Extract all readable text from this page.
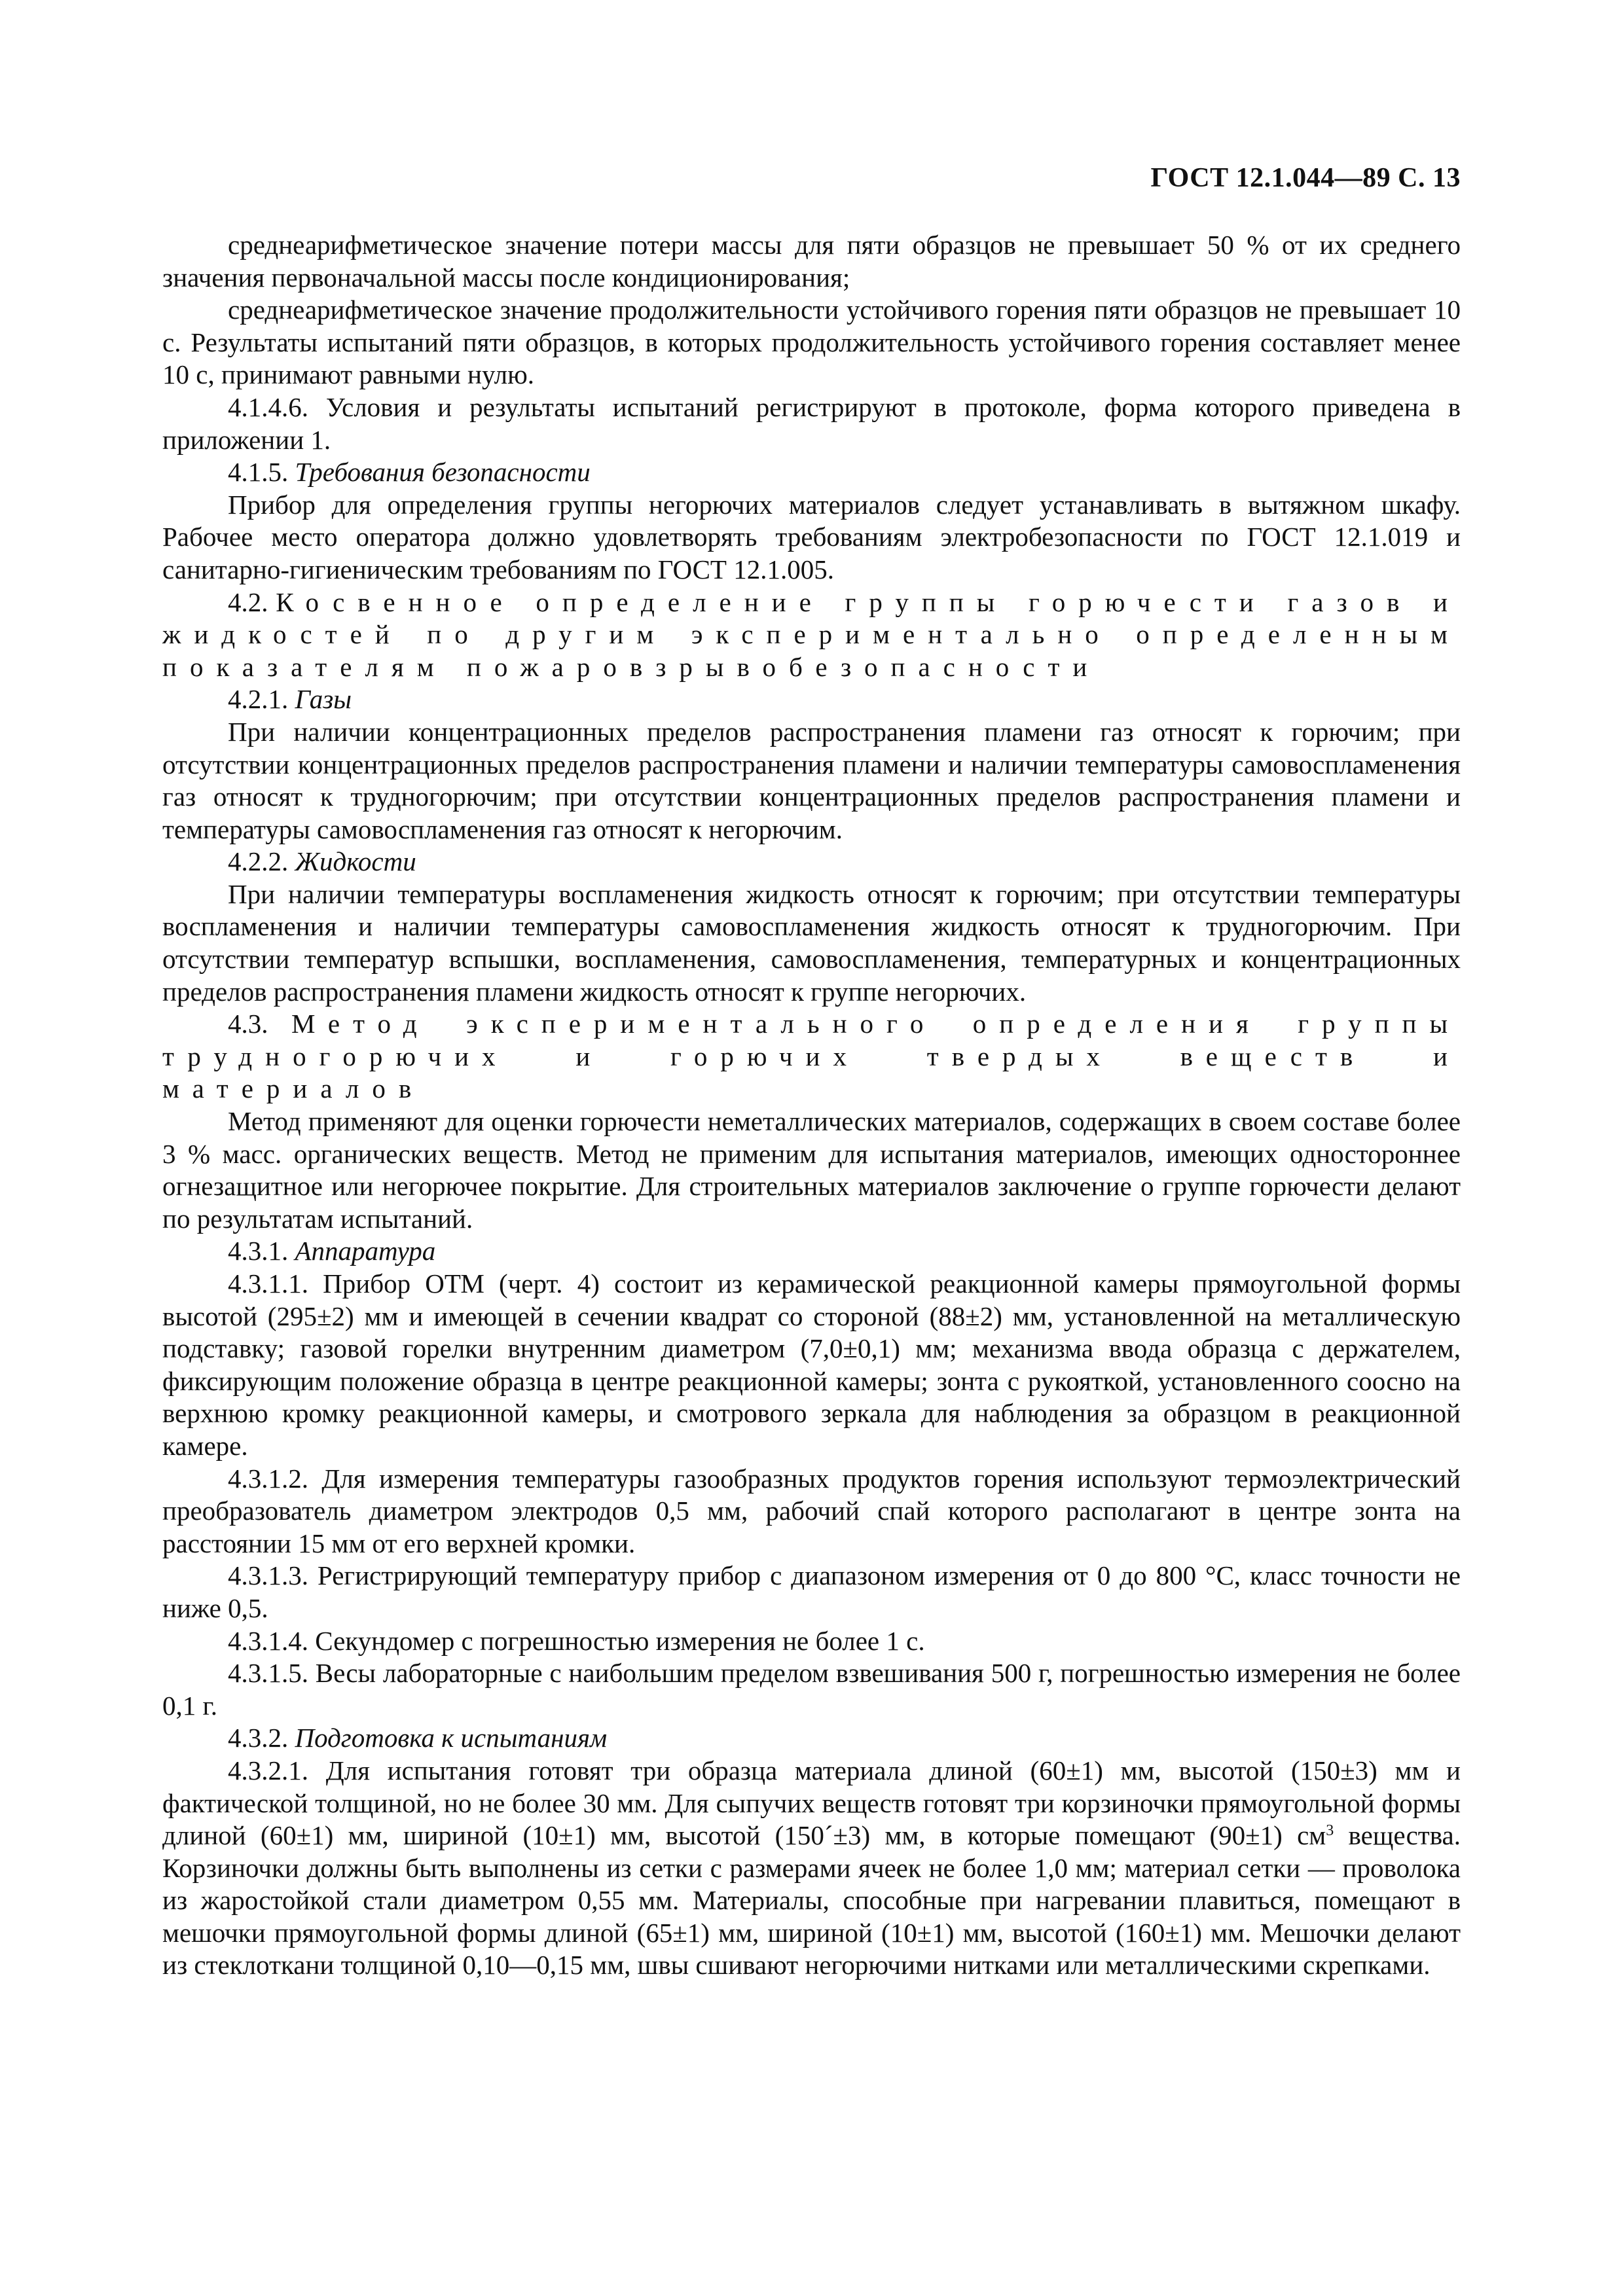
ГОСТ 12.1.044—89 С. 13

среднеарифметическое значение потери массы для пяти образцов не превышает 50 % от их среднего значения первоначальной массы после кондиционирования;

среднеарифметическое значение продолжительности устойчивого горения пяти образцов не превышает 10 с. Результаты испытаний пяти образцов, в которых продолжительность устойчивого горения составляет менее 10 с, принимают равными нулю.

4.1.4.6. Условия и результаты испытаний регистрируют в протоколе, форма которого приведена в приложении 1.

4.1.5. Требования безопасности

Прибор для определения группы негорючих материалов следует устанавливать в вытяжном шкафу. Рабочее место оператора должно удовлетворять требованиям электробезопасности по ГОСТ 12.1.019 и санитарно-гигиеническим требованиям по ГОСТ 12.1.005.

4.2. Косвенное определение группы горючести газов и жидкостей по другим экспериментально определенным показателям пожаровзрывобезопасности

4.2.1. Газы

При наличии концентрационных пределов распространения пламени газ относят к горючим; при отсутствии концентрационных пределов распространения пламени и наличии температуры самовоспламенения газ относят к трудногорючим; при отсутствии концентрационных пределов распространения пламени и температуры самовоспламенения газ относят к негорючим.

4.2.2. Жидкости

При наличии температуры воспламенения жидкость относят к горючим; при отсутствии температуры воспламенения и наличии температуры самовоспламенения жидкость относят к трудногорючим. При отсутствии температур вспышки, воспламенения, самовоспламенения, температурных и концентрационных пределов распространения пламени жидкость относят к группе негорючих.

4.3. Метод экспериментального определения группы трудногорючих и горючих твердых веществ и материалов

Метод применяют для оценки горючести неметаллических материалов, содержащих в своем составе более 3 % масс. органических веществ. Метод не применим для испытания материалов, имеющих одностороннее огнезащитное или негорючее покрытие. Для строительных материалов заключение о группе горючести делают по результатам испытаний.

4.3.1. Аппаратура

4.3.1.1. Прибор ОТМ (черт. 4) состоит из керамической реакционной камеры прямоугольной формы высотой (295±2) мм и имеющей в сечении квадрат со стороной (88±2) мм, установленной на металлическую подставку; газовой горелки внутренним диаметром (7,0±0,1) мм; механизма ввода образца с держателем, фиксирующим положение образца в центре реакционной камеры; зонта с рукояткой, установленного соосно на верхнюю кромку реакционной камеры, и смотрового зеркала для наблюдения за образцом в реакционной камере.

4.3.1.2. Для измерения температуры газообразных продуктов горения используют термоэлектрический преобразователь диаметром электродов 0,5 мм, рабочий спай которого располагают в центре зонта на расстоянии 15 мм от его верхней кромки.

4.3.1.3. Регистрирующий температуру прибор с диапазоном измерения от 0 до 800 °С, класс точности не ниже 0,5.

4.3.1.4. Секундомер с погрешностью измерения не более 1 с.

4.3.1.5. Весы лабораторные с наибольшим пределом взвешивания 500 г, погрешностью измерения не более 0,1 г.

4.3.2. Подготовка к испытаниям

4.3.2.1. Для испытания готовят три образца материала длиной (60±1) мм, высотой (150±3) мм и фактической толщиной, но не более 30 мм. Для сыпучих веществ готовят три корзиночки прямоугольной формы длиной (60±1) мм, шириной (10±1) мм, высотой (150´±3) мм, в которые помещают (90±1) $см^3$ вещества. Корзиночки должны быть выполнены из сетки с размерами ячеек не более 1,0 мм; материал сетки — проволока из жаростойкой стали диаметром 0,55 мм. Материалы, способные при нагревании плавиться, помещают в мешочки прямоугольной формы длиной (65±1) мм, шириной (10±1) мм, высотой (160±1) мм. Мешочки делают из стеклоткани толщиной 0,10—0,15 мм, швы сшивают негорючими нитками или металлическими скрепками.
